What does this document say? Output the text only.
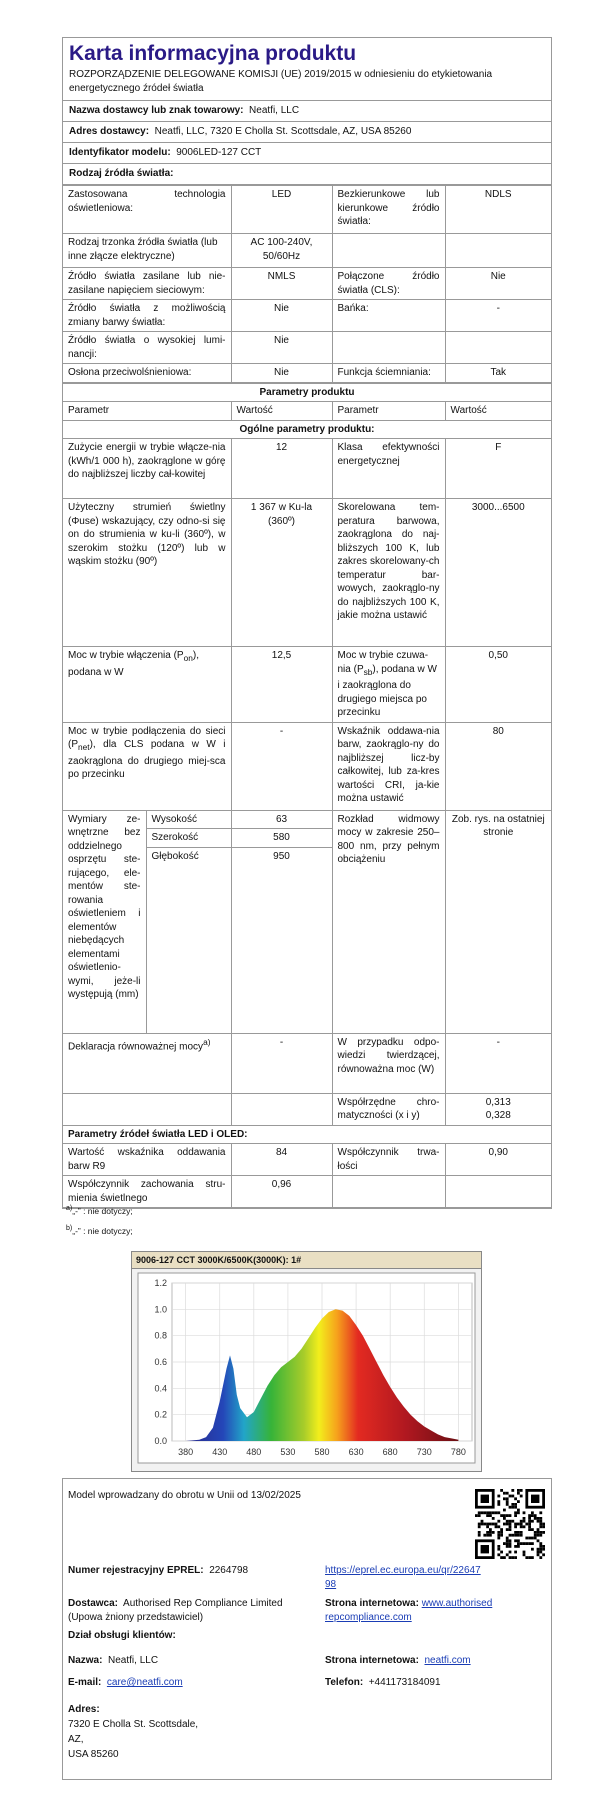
Karta informacyjna produktu
ROZPORZĄDZENIE DELEGOWANE KOMISJI (UE) 2019/2015 w odniesieniu do etykietowania energetycznego źródeł światła
Nazwa dostawcy lub znak towarowy: Neatfi, LLC
Adres dostawcy: Neatfi, LLC, 7320 E Cholla St. Scottsdale, AZ, USA 85260
Identyfikator modelu: 9006LED-127 CCT
Rodzaj źródła światła:
Zastosowana technologia oświetleniowa:	LED	Bezkierunkowe lub kierunkowe źródło światła:	NDLS
Rodzaj trzonka źródła światła (lub inne złącze elektryczne)	AC 100-240V, 50/60Hz		
Źródło światła zasilane lub nie-zasilane napięciem sieciowym:	NMLS	Połączone źródło światła (CLS):	Nie
Źródło światła z możliwością zmiany barwy światła:	Nie	Bańka:	-
Źródło światła o wysokiej lumi-nancji:	Nie		
Osłona przeciwolśnieniowa:	Nie	Funkcja ściemniania:	Tak
Parametry produktu				
Parametr		Wartość	Parametr	Wartość
Ogólne parametry produktu:				
Zużycie energii w trybie włącze-nia (kWh/1 000 h), zaokrąglone w górę do najbliższej liczby cał-kowitej		12	Klasa efektywności energetycznej	F
Użyteczny strumień świetlny (Φuse) wskazujący, czy odno-si się on do strumienia w ku-li (360º), w szerokim stożku (120º) lub w wąskim stożku (90º)		1 367 w Ku-la (360º)	Skorelowana tem-peratura barwowa, zaokrąglona do naj-bliższych 100 K, lub zakres skorelowany-ch temperatur bar-wowych, zaokrąglo-ny do najbliższych 100 K, jakie można ustawić	3000...6500
Moc w trybie włączenia $(P_{on})$, podana w W		12,5	Moc w trybie czuwa-nia $(P_{sb})$, podana w W i zaokrąglona do drugiego miejsca po przecinku	0,50
Moc w trybie podłączenia do sieci $(P_{net})$, dla CLS podana w W i zaokrąglona do drugiego miej-sca po przecinku		-	Wskaźnik oddawa-nia barw, zaokrąglo-ny do najbliższej licz-by całkowitej, lub za-kres wartości CRI, ja-kie można ustawić	80
Wymiary ze-wnętrzne bez oddzielnego osprzętu ste-rującego, ele-mentów ste-rowania oświetleniem i elementów niebędących elementami oświetlenio-wymi, jeże-li występują (mm)	Wysokość	63	Rozkład widmowy mocy w zakresie 250–800 nm, przy pełnym obciążeniu	Zob. rys. na ostatniej stronie
	Szerokość	580		
	Głębokość	950		
Deklaracja równoważnej mocy$^{a)}$		-	W przypadku odpo-wiedzi twierdzącej, równoważna moc (W)	-
			Współrzędne chro-matyczności (x i y)	0,313
0,328

Parametry źródeł światła LED i OLED:				
Wartość wskaźnika oddawania barw R9		84	Współczynnik trwa-łości	0,90
Współczynnik zachowania stru-mienia świetlnego		0,96		
$^{a)}$„-” : nie dotyczy;
$^{b)}$„-” : nie dotyczy;
9006-127 CCT 3000K/6500K(3000K): 1#
0.0
0.2
0.4
0.6
0.8
1.0
1.2
380 430 480 530 580 630 680 730 780
Model wprowadzany do obrotu w Unii od 13/02/2025
Numer rejestracyjny EPREL: 2264798	https://eprel.ec.europa.eu/qr/2264798
Dostawca: Authorised Rep Compliance Limited (Upowa żniony przedstawiciel)
Strona internetowa: www.authorisedrepcompliance.com
Dział obsługi klientów:
Nazwa: Neatfi, LLC	Strona internetowa: neatfi.com
E-mail: care@neatfi.com	Telefon: +441173184091
Adres:
7320 E Cholla St. Scottsdale,
AZ,
USA 85260
